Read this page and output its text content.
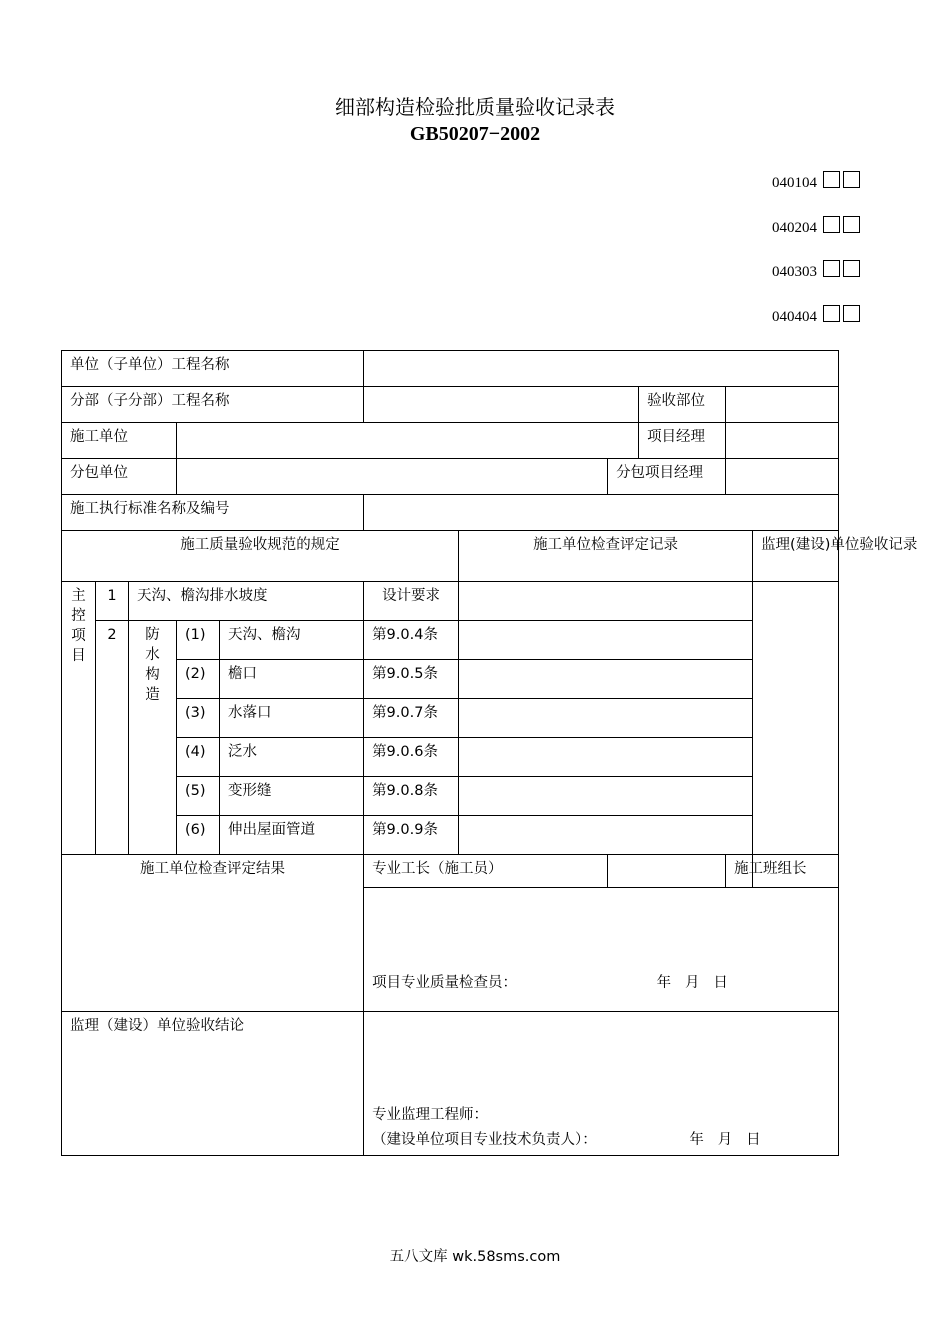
细部构造检验批质量验收记录表
GB50207−2002
040104
040204
040303
040404
单位（子单位）工程名称										
分部（子分部）工程名称								验收部位		
施工单位								项目经理		
分包单位							分包项目经理			
施工执行标准名称及编号										
施工质量验收规范的规定						施工单位检查评定记录				监理(建设)单位验收记录
主控项目	1	天沟、檐沟排水坡度			设计要求					
	2	防水构造	(1)	天沟、檐沟	第9.0.4条					
			(2)	檐口	第9.0.5条					
			(3)	水落口	第9.0.7条					
			(4)	泛水	第9.0.6条					
			(5)	变形缝	第9.0.8条					
			(6)	伸出屋面管道	第9.0.9条					
施工单位检查评定结果					专业工长（施工员）				施工班组长	
					项目专业质量检查员： 年   月   日					
监理（建设）单位验收结论					专业监理工程师：
（建设单位项目专业技术负责人）： 年   月   日					
五八文库 wk.58sms.com
